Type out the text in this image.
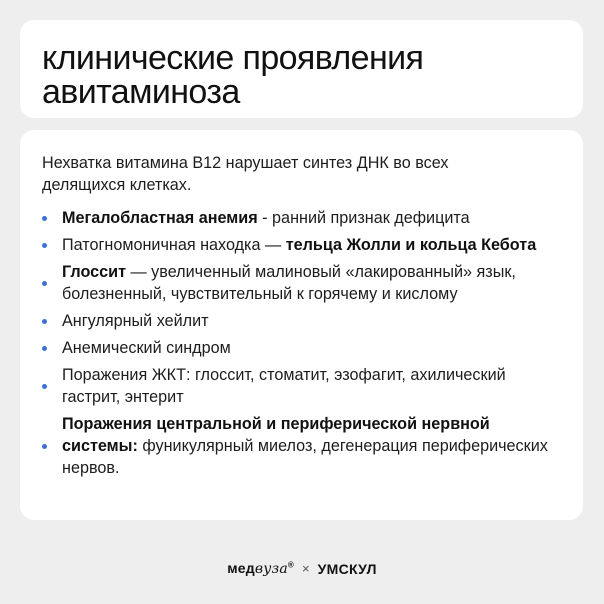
клинические проявления
авитаминоза

Нехватка витамина B12 нарушает синтез ДНК во всех делящихся клетках.

Мегалобластная анемия - ранний признак дефицита
Патогномоничная находка — тельца Жолли и кольца Кебота
Глоссит — увеличенный малиновый «лакированный» язык, болезненный, чувствительный к горячему и кислому
Ангулярный хейлит
Анемический синдром
Поражения ЖКТ: глоссит, стоматит, эзофагит, ахилический гастрит, энтерит
Поражения центральной и периферической нервной системы: фуникулярный миелоз, дегенерация периферических нервов.
медвуза® × УМСКУЛ
